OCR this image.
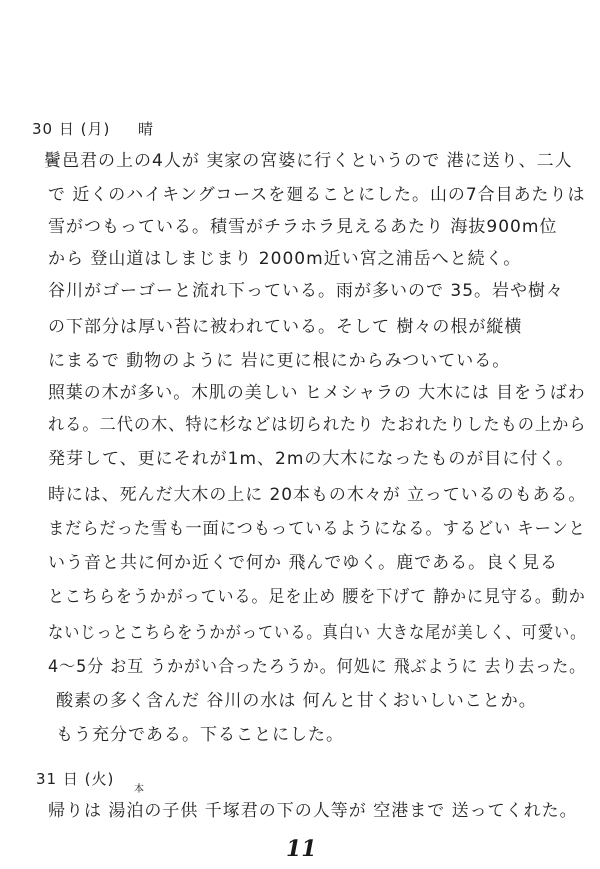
30 日 (月) 晴
鬢邑君の上の4人が 実家の宮婆に行くというので 港に送り、二人
で 近くのハイキングコースを廻ることにした。山の7合目あたりは
雪がつもっている。積雪がチラホラ見えるあたり 海抜900m位
から 登山道はしまじまり 2000m近い宮之浦岳へと続く。
谷川がゴーゴーと流れ下っている。雨が多いので 35。岩や樹々
の下部分は厚い苔に被われている。そして 樹々の根が縦横
にまるで 動物のように 岩に更に根にからみついている。
照葉の木が多い。木肌の美しい ヒメシャラの 大木には 目をうばわ
れる。二代の木、特に杉などは切られたり たおれたりしたもの上から
発芽して、更にそれが1m、2mの大木になったものが目に付く。
時には、死んだ大木の上に 20本もの木々が 立っているのもある。
まだらだった雪も一面につもっているようになる。するどい キーンと
いう音と共に何か近くで何か 飛んでゆく。鹿である。良く見る
とこちらをうかがっている。足を止め 腰を下げて 静かに見守る。動か
ないじっとこちらをうかがっている。真白い 大きな尾が美しく、可愛い。
4～5分 お互 うかがい合ったろうか。何処に 飛ぶように 去り去った。
酸素の多く含んだ 谷川の水は 何んと甘くおいしいことか。
もう充分である。下ることにした。
31 日 (火)
本
帰りは 湯泊の子供 千塚君の下の人等が 空港まで 送ってくれた。
11
